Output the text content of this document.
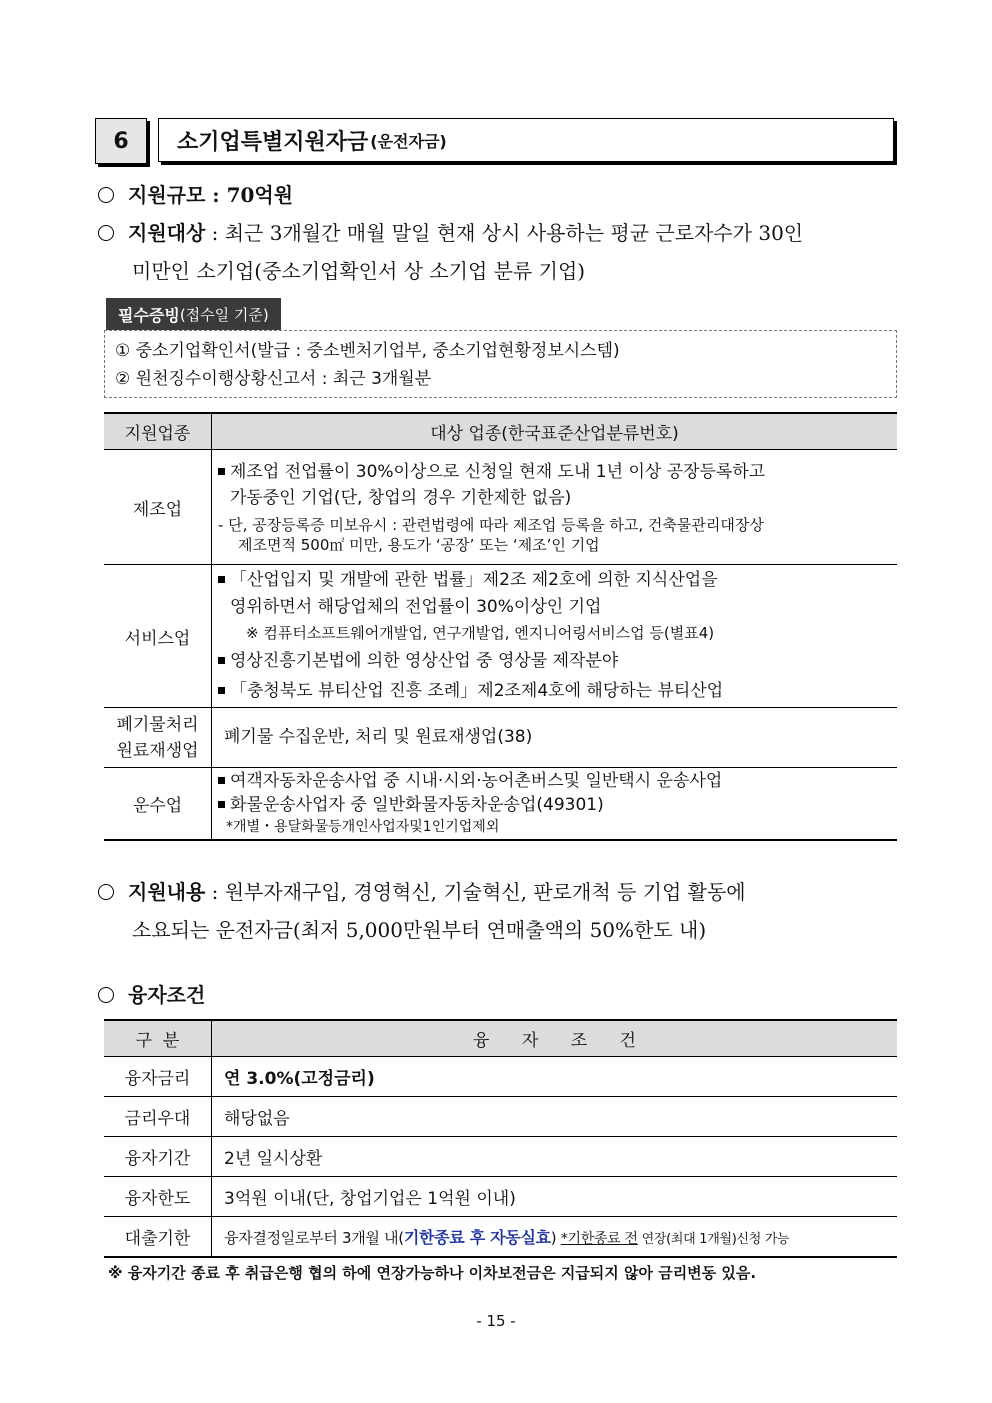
6 소기업특별지원자금 (운전자금)
지원규모 : 70억원
지원대상 : 최근 3개월간 매월 말일 현재 상시 사용하는 평균 근로자수가 30인
미만인 소기업(중소기업확인서 상 소기업 분류 기업)
필수증빙 (접수일 기준)
① 중소기업확인서(발급 : 중소벤처기업부, 중소기업현황정보시스템)
② 원천징수이행상황신고서 : 최근 3개월분
지원업종	대상 업종(한국표준산업분류번호)
제조업	제조업 전업률이 30%이상으로 신청일 현재 도내 1년 이상 공장등록하고
가동중인 기업(단, 창업의 경우 기한제한 없음)
- 단, 공장등록증 미보유시 : 관련법령에 따라 제조업 등록을 하고, 건축물관리대장상
제조면적 500㎡ 미만, 용도가 ‘공장’ 또는 ‘제조’인 기업

서비스업	「산업입지 및 개발에 관한 법률」제2조 제2호에 의한 지식산업을
영위하면서 해당업체의 전업률이 30%이상인 기업
※ 컴퓨터소프트웨어개발업, 연구개발업, 엔지니어링서비스업 등(별표4)
영상진흥기본법에 의한 영상산업 중 영상물 제작분야
「충청북도 뷰티산업 진흥 조례」제2조제4호에 해당하는 뷰티산업

폐기물처리
원료재생업	폐기물 수집운반, 처리 및 원료재생업(38)

운수업	여객자동차운송사업 중 시내·시외·농어촌버스및 일반택시 운송사업
화물운송사업자 중 일반화물자동차운송업(49301)
*개별・용달화물등개인사업자및1인기업제외
지원내용 : 원부자재구입, 경영혁신, 기술혁신, 판로개척 등 기업 활동에
소요되는 운전자금(최저 5,000만원부터 연매출액의 50%한도 내)
융자조건
구  분	융      자      조      건
융자금리	연 3.0%(고정금리)
금리우대	해당없음
융자기간	2년 일시상환
융자한도	3억원 이내(단, 창업기업은 1억원 이내)
대출기한	융자결정일로부터 3개월 내(기한종료 후 자동실효) *기한종료 전 연장(최대 1개월)신청 가능
※ 융자기간 종료 후 취급은행 협의 하에 연장가능하나 이차보전금은 지급되지 않아 금리변동 있음.
- 15 -
